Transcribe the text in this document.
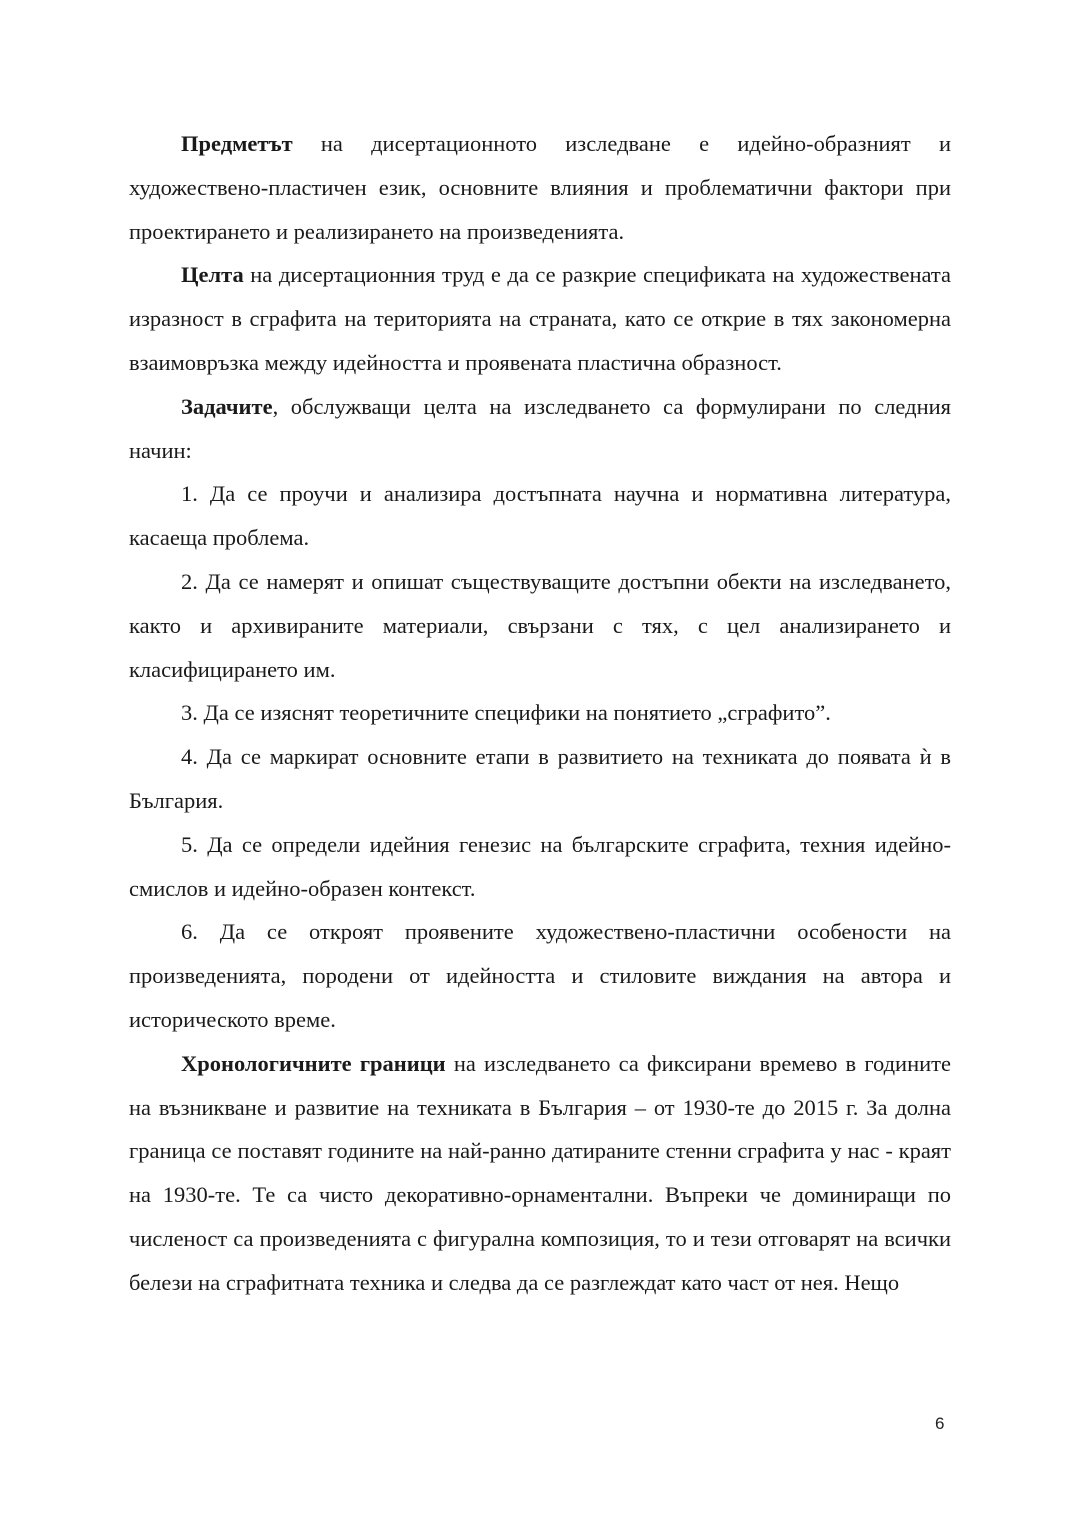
Предметът на дисертационното изследване е идейно-образният и художествено-пластичен език, основните влияния и проблематични фактори при проектирането и реализирането на произведенията.

Целта на дисертационния труд е да се разкрие спецификата на художествената изразност в сграфита на територията на страната, като се открие в тях закономерна взаимовръзка между идейността и проявената пластична образност.

Задачите, обслужващи целта на изследването са формулирани по следния начин:

1. Да се проучи и анализира достъпната научна и нормативна литература, касаеща проблема.

2. Да се намерят и опишат съществуващите достъпни обекти на изследването, както и архивираните материали, свързани с тях, с цел анализирането и класифицирането им.

3. Да се изяснят теоретичните специфики на понятието „сграфито”.

4. Да се маркират основните етапи в развитието на техниката до появата ѝ в България.

5. Да се определи идейния генезис на българските сграфита, техния идейно-смислов и идейно-образен контекст.

6. Да се откроят проявените художествено-пластични особености на произведенията, породени от идейността и стиловите виждания на автора и историческото време.

Хронологичните граници на изследването са фиксирани времево в годините на възникване и развитие на техниката в България – от 1930-те до 2015 г. За долна граница се поставят годините на най-ранно датираните стенни сграфита у нас - краят на 1930-те. Те са чисто декоративно-орнаментални. Въпреки че доминиращи по численост са произведенията с фигурална композиция, то и тези отговарят на всички белези на сграфитната техника и следва да се разглеждат като част от нея. Нещо

6
